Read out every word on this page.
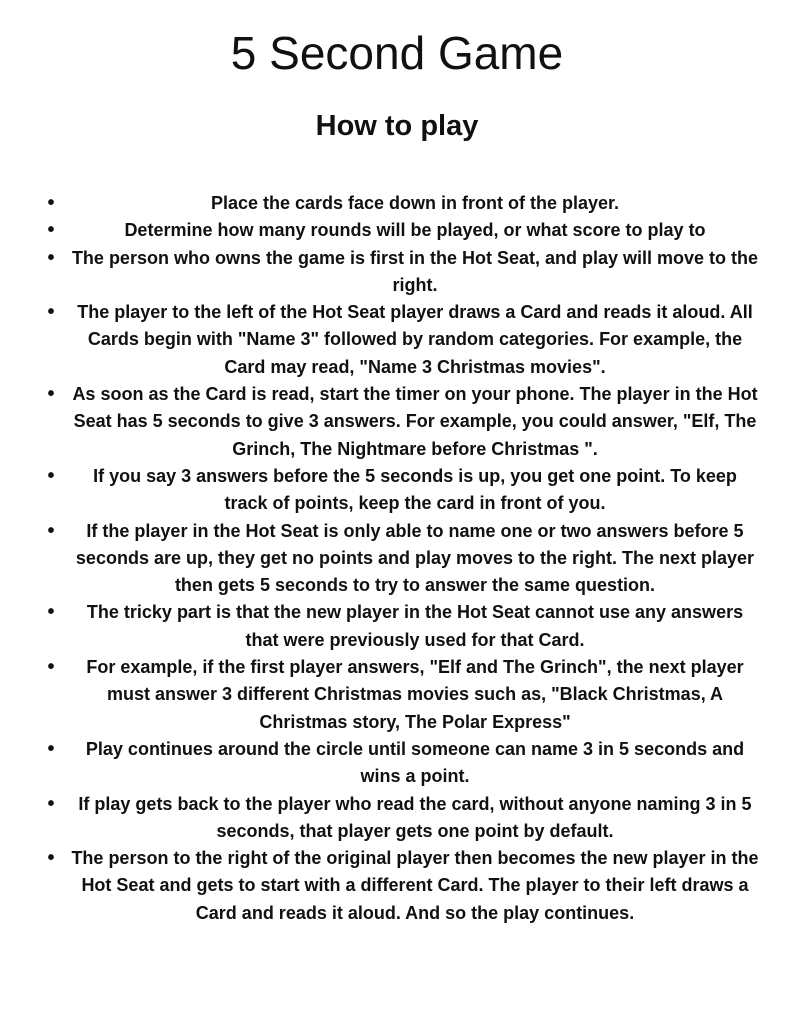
5 Second Game
How to play
•	Place the cards face down in front of the player.
•	Determine how many rounds will be played, or what score to play to
• The person who owns the game is first in the Hot Seat, and play will move to the right.
• The player to the left of the Hot Seat player draws a Card and reads it aloud. All Cards begin with "Name 3" followed by random categories. For example, the Card may read, "Name 3 Christmas movies".
• As soon as the Card is read, start the timer on your phone. The player in the Hot Seat has 5 seconds to give 3 answers. For example, you could answer, "Elf, The Grinch, The Nightmare before Christmas ".
• If you say 3 answers before the 5 seconds is up, you get one point. To keep track of points, keep the card in front of you.
• If the player in the Hot Seat is only able to name one or two answers before 5 seconds are up, they get no points and play moves to the right. The next player then gets 5 seconds to try to answer the same question.
• The tricky part is that the new player in the Hot Seat cannot use any answers that were previously used for that Card.
• For example, if the first player answers, "Elf and The Grinch", the next player must answer 3 different Christmas movies such as, "Black Christmas, A Christmas story, The Polar Express"
• Play continues around the circle until someone can name 3 in 5 seconds and wins a point.
• If play gets back to the player who read the card, without anyone naming 3 in 5 seconds, that player gets one point by default.
• The person to the right of the original player then becomes the new player in the Hot Seat and gets to start with a different Card. The player to their left draws a Card and reads it aloud. And so the play continues.
